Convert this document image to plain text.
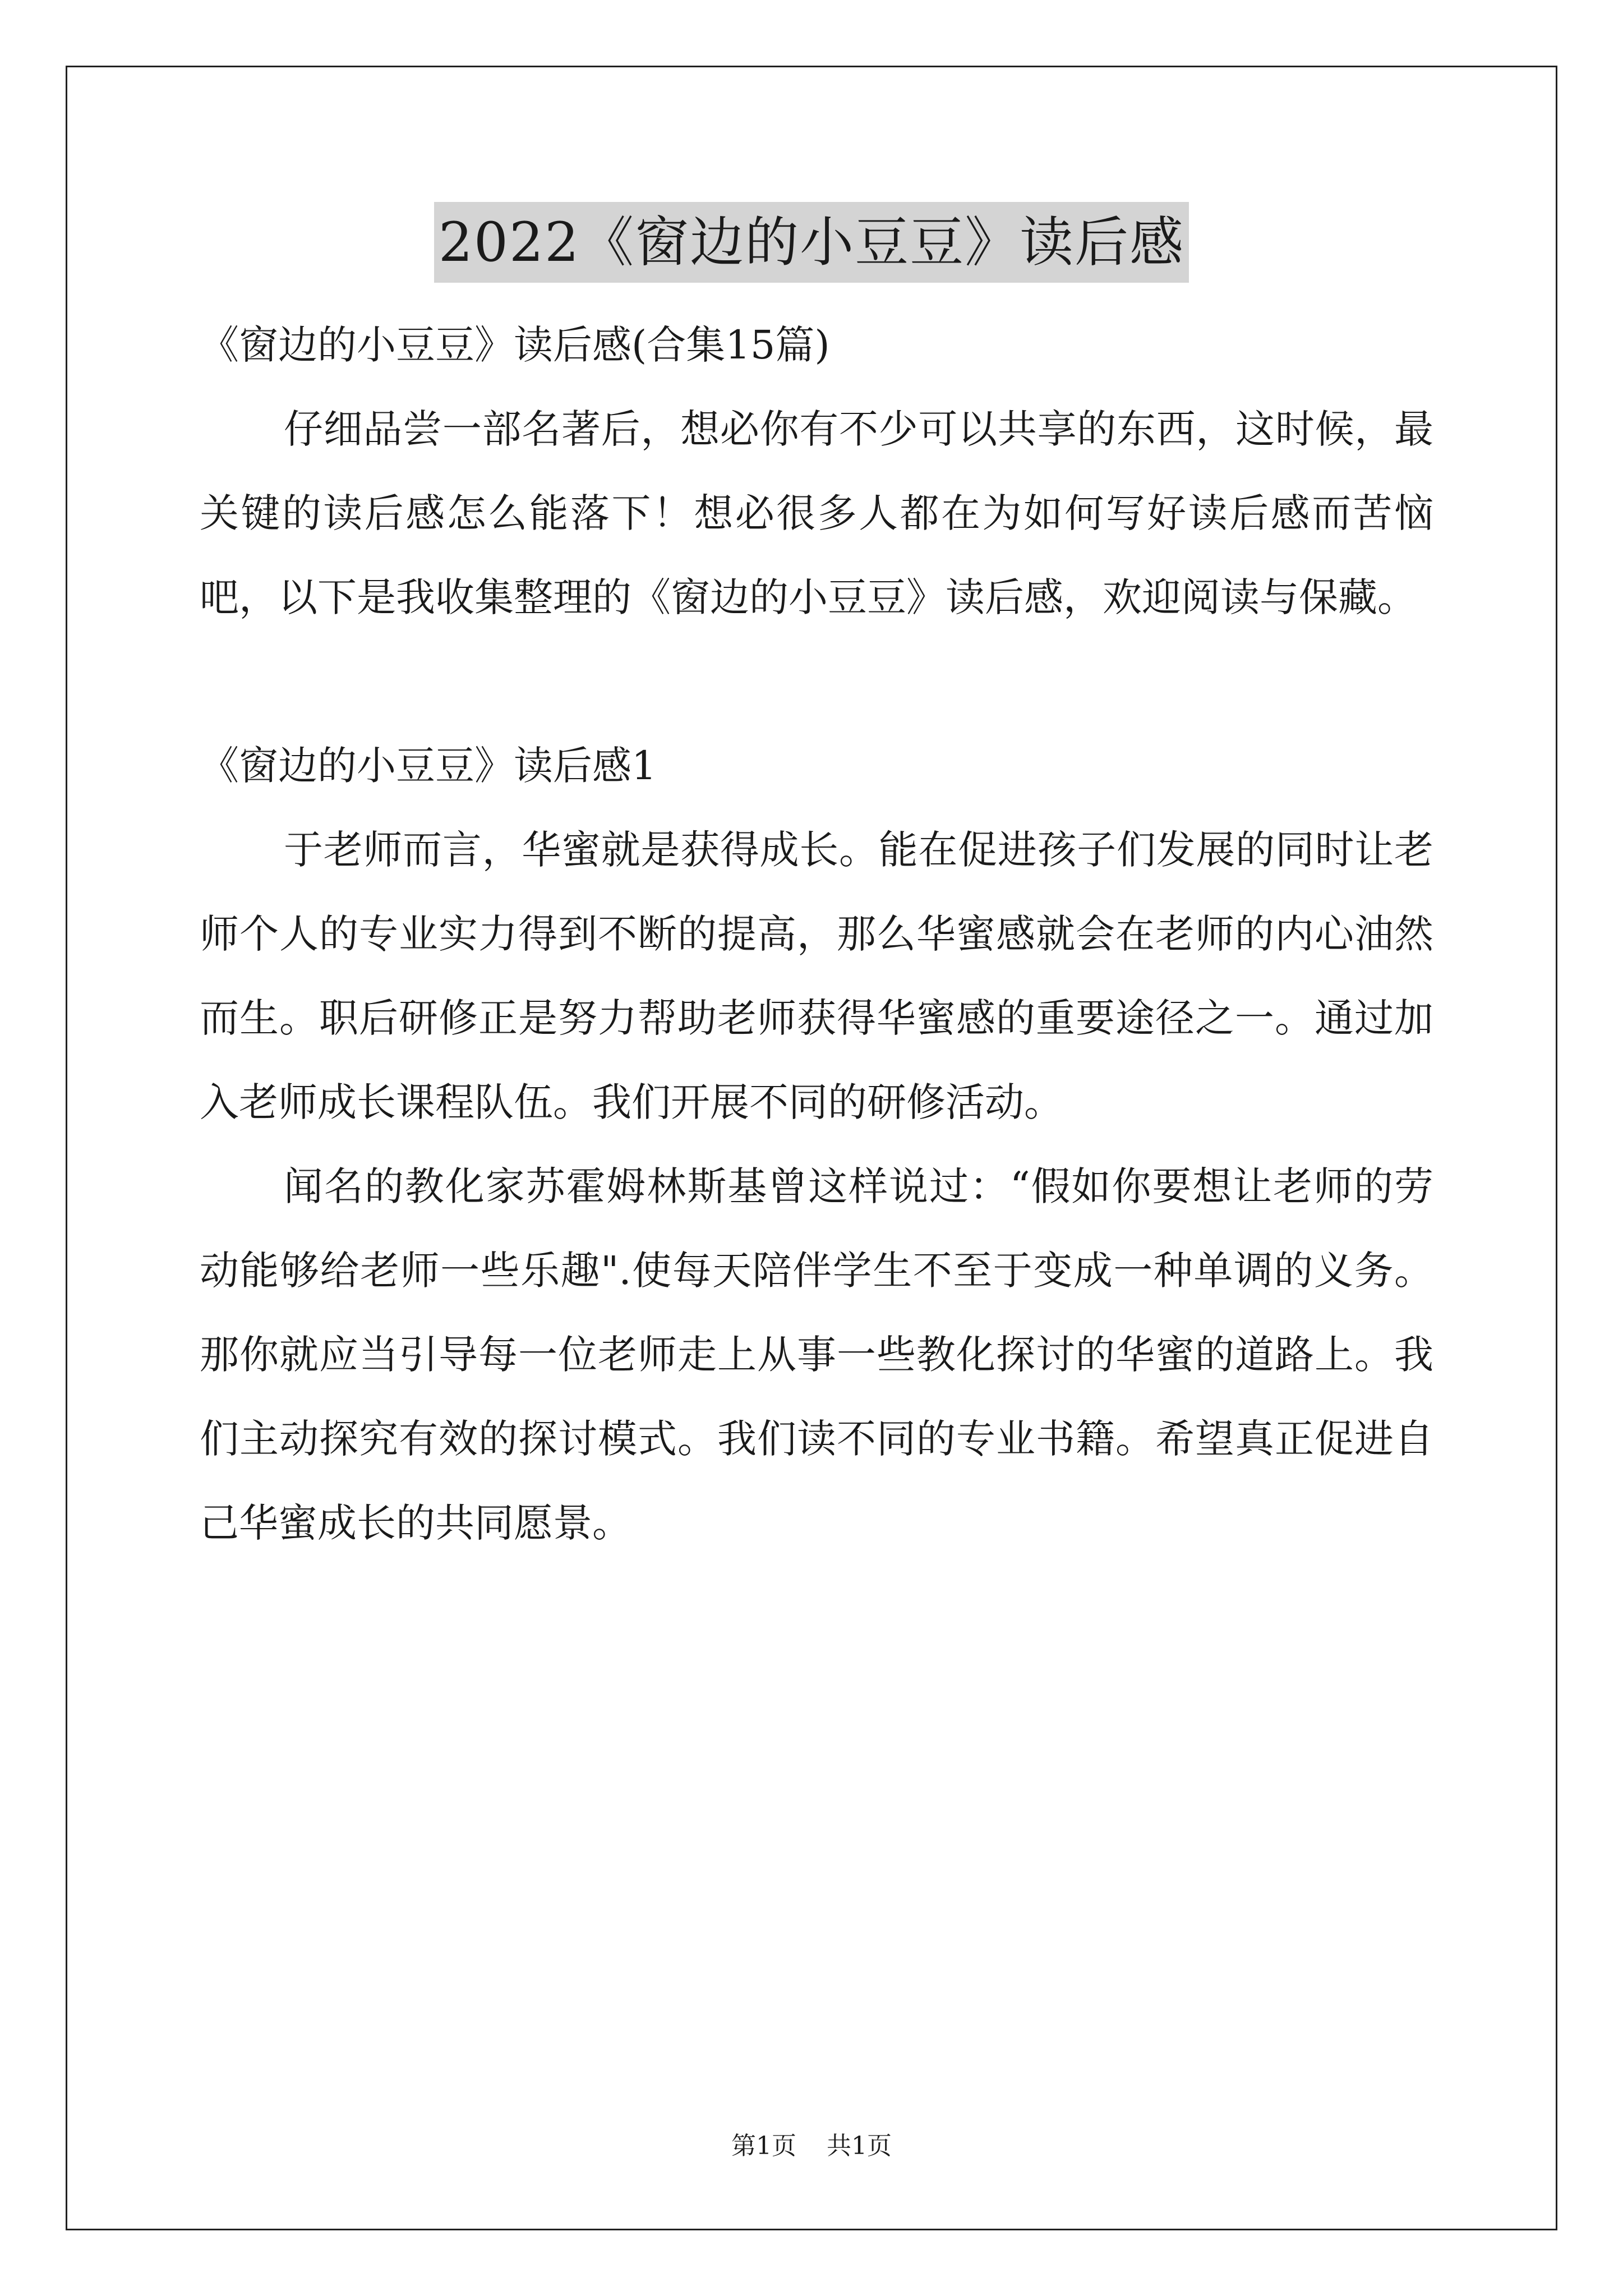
2022《窗边的小豆豆》读后感

《窗边的小豆豆》读后感(合集15篇)

仔细品尝一部名著后，想必你有不少可以共享的东西，这时候，最关键的读后感怎么能落下！想必很多人都在为如何写好读后感而苦恼吧，以下是我收集整理的《窗边的小豆豆》读后感，欢迎阅读与保藏。

《窗边的小豆豆》读后感1

于老师而言，华蜜就是获得成长。能在促进孩子们发展的同时让老师个人的专业实力得到不断的提高，那么华蜜感就会在老师的内心油然而生。职后研修正是努力帮助老师获得华蜜感的重要途径之一。通过加入老师成长课程队伍。我们开展不同的研修活动。

闻名的教化家苏霍姆林斯基曾这样说过：“假如你要想让老师的劳动能够给老师一些乐趣".使每天陪伴学生不至于变成一种单调的义务。那你就应当引导每一位老师走上从事一些教化探讨的华蜜的道路上。我们主动探究有效的探讨模式。我们读不同的专业书籍。希望真正促进自己华蜜成长的共同愿景。

第1页 共1页
